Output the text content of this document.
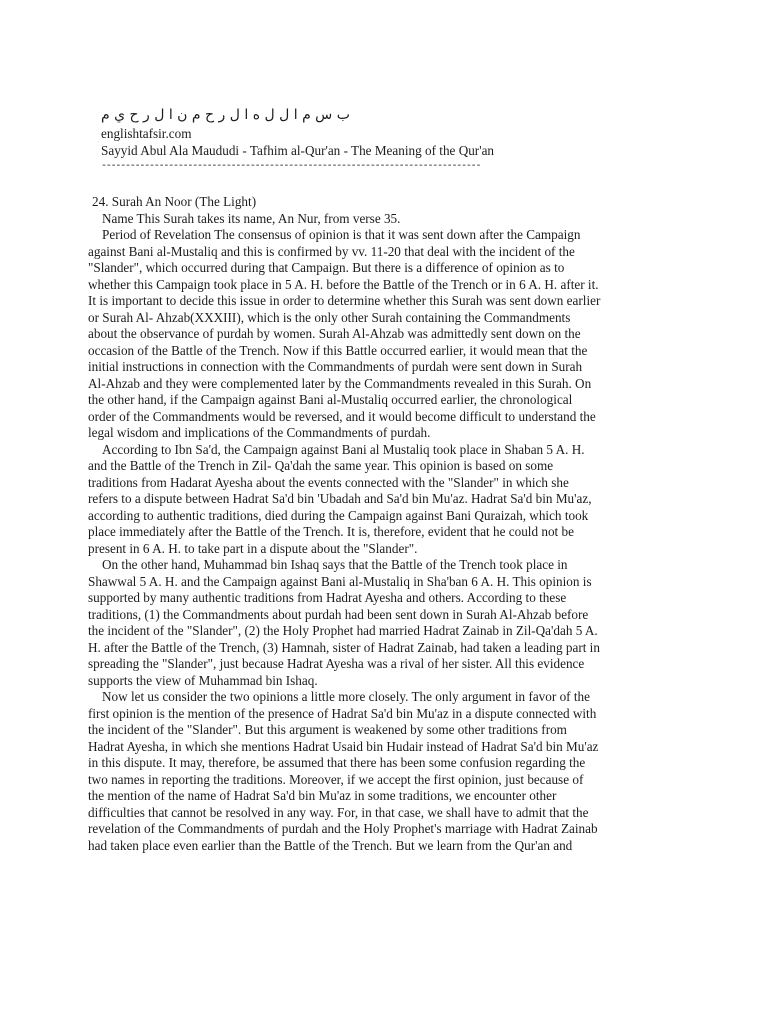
ب س م ا ل ل ه ا ل ر ح م ن ا ل ر ح ي م
englishtafsir.com
Sayyid Abul Ala Maududi - Tafhim al-Qur'an - The Meaning of the Qur'an
-------------------------------------------------------------------------------
24. Surah An Noor (The Light)
Name This Surah takes its name, An Nur, from verse 35.
Period of Revelation The consensus of opinion is that it was sent down after the Campaign
against Bani al-Mustaliq and this is confirmed by vv. 11-20 that deal with the incident of the
"Slander", which occurred during that Campaign. But there is a difference of opinion as to
whether this Campaign took place in 5 A. H. before the Battle of the Trench or in 6 A. H. after it.
It is important to decide this issue in order to determine whether this Surah was sent down earlier
or Surah Al- Ahzab(XXXIII), which is the only other Surah containing the Commandments
about the observance of purdah by women. Surah Al-Ahzab was admittedly sent down on the
occasion of the Battle of the Trench. Now if this Battle occurred earlier, it would mean that the
initial instructions in connection with the Commandments of purdah were sent down in Surah
Al-Ahzab and they were complemented later by the Commandments revealed in this Surah. On
the other hand, if the Campaign against Bani al-Mustaliq occurred earlier, the chronological
order of the Commandments would be reversed, and it would become difficult to understand the
legal wisdom and implications of the Commandments of purdah.
According to Ibn Sa'd, the Campaign against Bani al Mustaliq took place in Shaban 5 A. H.
and the Battle of the Trench in Zil- Qa'dah the same year. This opinion is based on some
traditions from Hadarat Ayesha about the events connected with the "Slander" in which she
refers to a dispute between Hadrat Sa'd bin 'Ubadah and Sa'd bin Mu'az. Hadrat Sa'd bin Mu'az,
according to authentic traditions, died during the Campaign against Bani Quraizah, which took
place immediately after the Battle of the Trench. It is, therefore, evident that he could not be
present in 6 A. H. to take part in a dispute about the "Slander".
On the other hand, Muhammad bin Ishaq says that the Battle of the Trench took place in
Shawwal 5 A. H. and the Campaign against Bani al-Mustaliq in Sha'ban 6 A. H. This opinion is
supported by many authentic traditions from Hadrat Ayesha and others. According to these
traditions, (1) the Commandments about purdah had been sent down in Surah Al-Ahzab before
the incident of the "Slander", (2) the Holy Prophet had married Hadrat Zainab in Zil-Qa'dah 5 A.
H. after the Battle of the Trench, (3) Hamnah, sister of Hadrat Zainab, had taken a leading part in
spreading the "Slander", just because Hadrat Ayesha was a rival of her sister. All this evidence
supports the view of Muhammad bin Ishaq.
Now let us consider the two opinions a little more closely. The only argument in favor of the
first opinion is the mention of the presence of Hadrat Sa'd bin Mu'az in a dispute connected with
the incident of the "Slander". But this argument is weakened by some other traditions from
Hadrat Ayesha, in which she mentions Hadrat Usaid bin Hudair instead of Hadrat Sa'd bin Mu'az
in this dispute. It may, therefore, be assumed that there has been some confusion regarding the
two names in reporting the traditions. Moreover, if we accept the first opinion, just because of
the mention of the name of Hadrat Sa'd bin Mu'az in some traditions, we encounter other
difficulties that cannot be resolved in any way. For, in that case, we shall have to admit that the
revelation of the Commandments of purdah and the Holy Prophet's marriage with Hadrat Zainab
had taken place even earlier than the Battle of the Trench. But we learn from the Qur'an and
